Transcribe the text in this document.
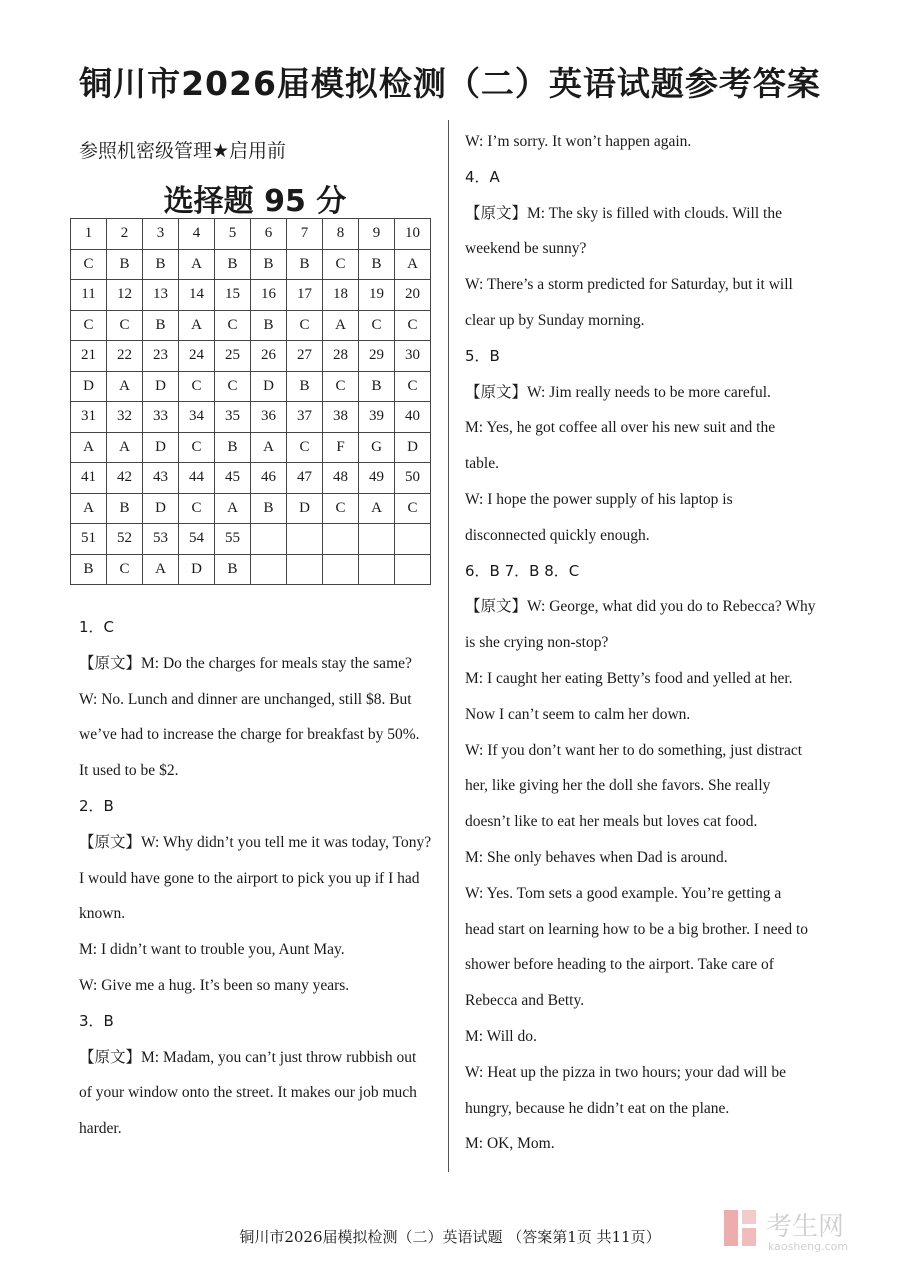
铜川市2026届模拟检测（二）英语试题参考答案
参照机密级管理★启用前
选择题 95 分
1	2	3	4	5	6	7	8	9	10
C	B	B	A	B	B	B	C	B	A
11	12	13	14	15	16	17	18	19	20
C	C	B	A	C	B	C	A	C	C
21	22	23	24	25	26	27	28	29	30
D	A	D	C	C	D	B	C	B	C
31	32	33	34	35	36	37	38	39	40
A	A	D	C	B	A	C	F	G	D
41	42	43	44	45	46	47	48	49	50
A	B	D	C	A	B	D	C	A	C
51	52	53	54	55					
B	C	A	D	B					
1．C
【原文】M: Do the charges for meals stay the same?
W: No. Lunch and dinner are unchanged, still $8. But
we’ve had to increase the charge for breakfast by 50%.
It used to be $2.
2．B
【原文】W: Why didn’t you tell me it was today, Tony?
I would have gone to the airport to pick you up if I had
known.
M: I didn’t want to trouble you, Aunt May.
W: Give me a hug. It’s been so many years.
3．B
【原文】M: Madam, you can’t just throw rubbish out
of your window onto the street. It makes our job much
harder.
W: I’m sorry. It won’t happen again.
4．A
【原文】M: The sky is filled with clouds. Will the
weekend be sunny?
W: There’s a storm predicted for Saturday, but it will
clear up by Sunday morning.
5．B
【原文】W: Jim really needs to be more careful.
M: Yes, he got coffee all over his new suit and the
table.
W: I hope the power supply of his laptop is
disconnected quickly enough.
6．B 7．B 8．C
【原文】W: George, what did you do to Rebecca? Why
is she crying non-stop?
M: I caught her eating Betty’s food and yelled at her.
Now I can’t seem to calm her down.
W: If you don’t want her to do something, just distract
her, like giving her the doll she favors. She really
doesn’t like to eat her meals but loves cat food.
M: She only behaves when Dad is around.
W: Yes. Tom sets a good example. You’re getting a
head start on learning how to be a big brother. I need to
shower before heading to the airport. Take care of
Rebecca and Betty.
M: Will do.
W: Heat up the pizza in two hours; your dad will be
hungry, because he didn’t eat on the plane.
M: OK, Mom.
铜川市2026届模拟检测（二）英语试题 （答案第1页 共11页）	考生网
kaosheng.com
